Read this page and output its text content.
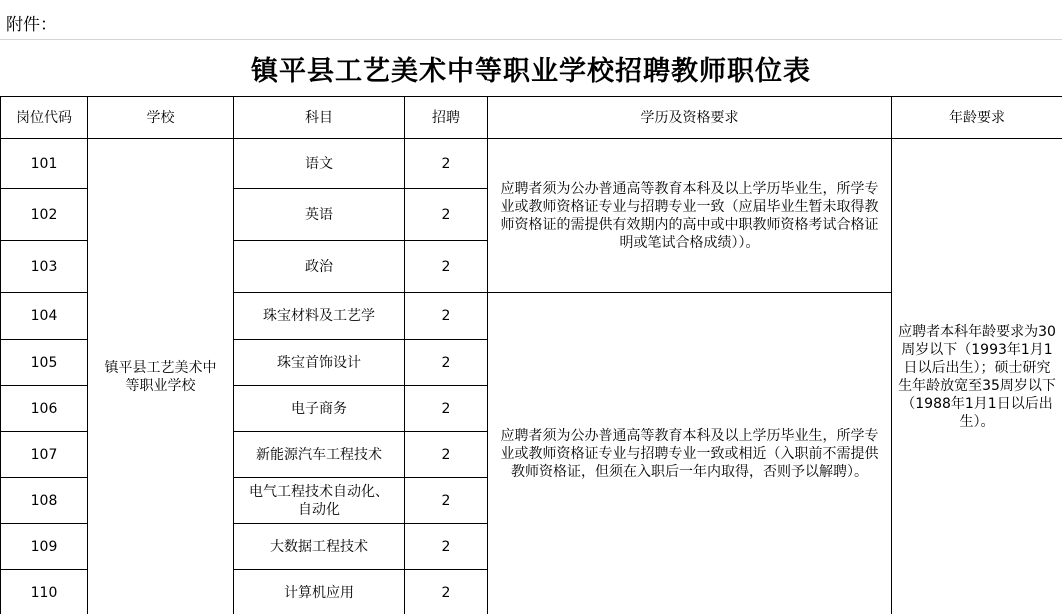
附件：
镇平县工艺美术中等职业学校招聘教师职位表
岗位代码	学校	科目	招聘	学历及资格要求	年龄要求
101	镇平县工艺美术中等职业学校	语文	2	应聘者须为公办普通高等教育本科及以上学历毕业生，所学专业或教师资格证专业与招聘专业一致（应届毕业生暂未取得教师资格证的需提供有效期内的高中或中职教师资格考试合格证明或笔试合格成绩））。	应聘者本科年龄要求为30周岁以下（1993年1月1日以后出生）；硕士研究生年龄放宽至35周岁以下（1988年1月1日以后出生）。
102		英语	2		
103		政治	2		
104		珠宝材料及工艺学	2	应聘者须为公办普通高等教育本科及以上学历毕业生，所学专业或教师资格证专业与招聘专业一致或相近（入职前不需提供教师资格证，但须在入职后一年内取得，否则予以解聘）。	
105		珠宝首饰设计	2		
106		电子商务	2		
107		新能源汽车工程技术	2		
108		电气工程技术自动化、自动化	2		
109		大数据工程技术	2		
110		计算机应用	2		
